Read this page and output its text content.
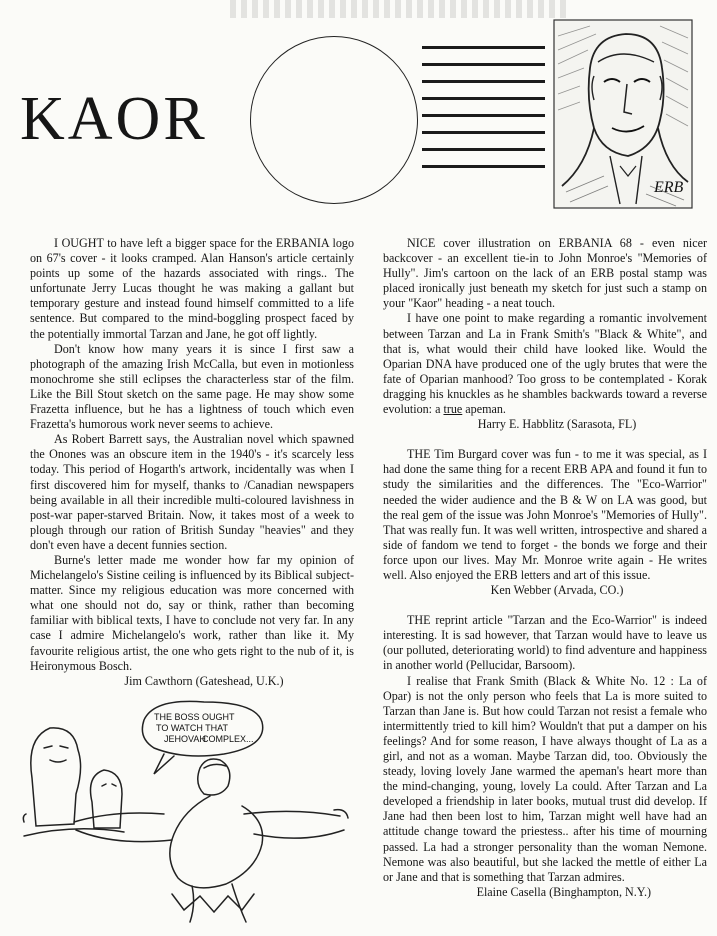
KAOR
ERB

I OUGHT to have left a bigger space for the ERBANIA logo on 67's cover - it looks cramped. Alan Hanson's article certainly points up some of the hazards associated with rings.. The unfortunate Jerry Lucas thought he was making a gallant but temporary gesture and instead found himself committed to a life sentence. But compared to the mind-boggling prospect faced by the potentially immortal Tarzan and Jane, he got off lightly.

Don't know how many years it is since I first saw a photograph of the amazing Irish McCalla, but even in motionless monochrome she still eclipses the characterless star of the film. Like the Bill Stout sketch on the same page. He may show some Frazetta influence, but he has a lightness of touch which even Frazetta's humorous work never seems to achieve.

As Robert Barrett says, the Australian novel which spawned the Onones was an obscure item in the 1940's - it's scarcely less today. This period of Hogarth's artwork, incidentally was when I first discovered him for myself, thanks to /Canadian newspapers being available in all their incredible multi-coloured lavishness in post-war paper-starved Britain. Now, it takes most of a week to plough through our ration of British Sunday "heavies" and they don't even have a decent funnies section.

Burne's letter made me wonder how far my opinion of Michelangelo's Sistine ceiling is influenced by its Biblical subject-matter. Since my religious education was more concerned with what one should not do, say or think, rather than becoming familiar with biblical texts, I have to conclude not very far. In any case I admire Michelangelo's work, rather than like it. My favourite religious artist, the one who gets right to the nub of it, is Heironymous Bosch.

Jim Cawthorn (Gateshead, U.K.)

NICE cover illustration on ERBANIA 68 - even nicer backcover - an excellent tie-in to John Monroe's "Memories of Hully". Jim's cartoon on the lack of an ERB postal stamp was placed ironically just beneath my sketch for just such a stamp on your "Kaor" heading - a neat touch.

I have one point to make regarding a romantic involvement between Tarzan and La in Frank Smith's "Black & White", and that is, what would their child have looked like. Would the Oparian DNA have produced one of the ugly brutes that were the fate of Oparian manhood? Too gross to be contemplated - Korak dragging his knuckles as he shambles backwards toward a reverse evolution: a true apeman.

Harry E. Habblitz (Sarasota, FL)

THE Tim Burgard cover was fun - to me it was special, as I had done the same thing for a recent ERB APA and found it fun to study the similarities and the differences. The "Eco-Warrior" needed the wider audience and the B & W on LA was good, but the real gem of the issue was John Monroe's "Memories of Hully". That was really fun. It was well written, introspective and shared a side of fandom we tend to forget - the bonds we forge and their force upon our lives. May Mr. Monroe write again - He writes well. Also enjoyed the ERB letters and art of this issue.

Ken Webber (Arvada, CO.)

THE reprint article "Tarzan and the Eco-Warrior" is indeed interesting. It is sad however, that Tarzan would have to leave us (our polluted, deteriorating world) to find adventure and happiness in another world (Pellucidar, Barsoom).

I realise that Frank Smith (Black & White No. 12 : La of Opar) is not the only person who feels that La is more suited to Tarzan than Jane is. But how could Tarzan not resist a female who intermittently tried to kill him? Wouldn't that put a damper on his feelings? And for some reason, I have always thought of La as a girl, and not as a woman. Maybe Tarzan did, too. Obviously the steady, loving lovely Jane warmed the apeman's heart more than the mind-changing, young, lovely La could. After Tarzan and La developed a friendship in later books, mutual trust did develop. If Jane had then been lost to him, Tarzan might well have had an attitude change toward the priestess.. after his time of mourning passed. La had a stronger personality than the woman Nemone. Nemone was also beautiful, but she lacked the mettle of either La or Jane and that is something that Tarzan admires.

Elaine Casella (Binghampton, N.Y.)

THE BOSS OUGHT
TO WATCH THAT
JEHOVAH
COMPLEX...
